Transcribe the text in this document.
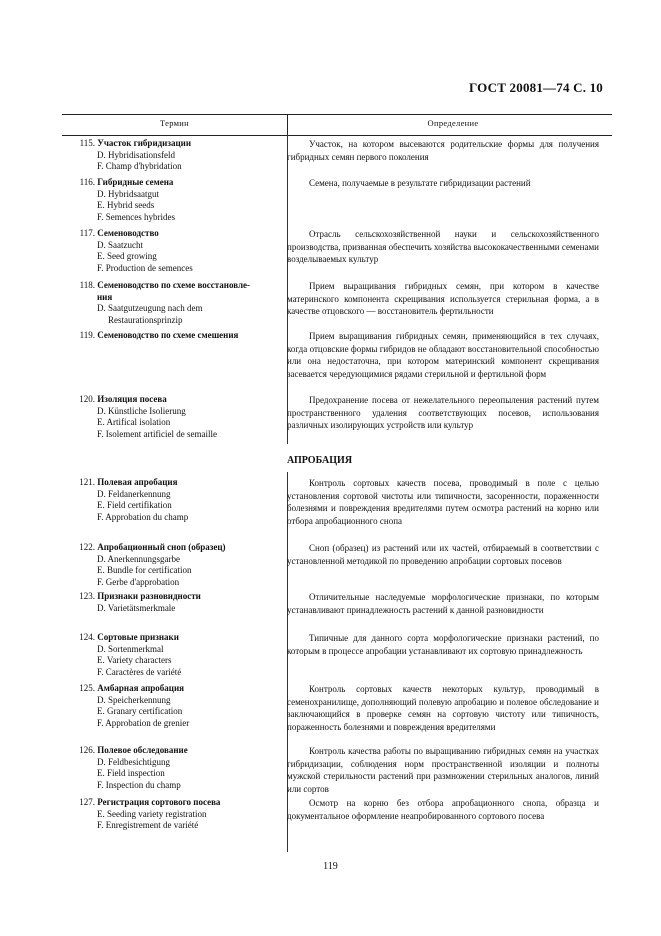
ГОСТ 20081—74 С. 10
Термин	Определение
115. Участок гибридизации
D. Hybridisationsfeld
F. Champ d'hybridation
Участок, на котором высеваются родительские формы для получения гибридных семян первого поколения
116. Гибридные семена
D. Hybridsaatgut
E. Hybrid seeds
F. Semences hybrides
Семена, получаемые в результате гибридизации растений
117. Семеноводство
D. Saatzucht
E. Seed growing
F. Production de semences
Отрасль сельскохозяйственной науки и сельскохозяйственного производства, призванная обеспечить хозяйства высококачественными семенами возделываемых культур
118. Семеноводство по схеме восстановле-
ния
D. Saatgutzeugung nach dem
Restaurationsprinzip
Прием выращивания гибридных семян, при котором в качестве материнского компонента скрещивания используется стерильная форма, а в качестве отцовского — восстановитель фертильности
119. Семеноводство по схеме смешения	Прием выращивания гибридных семян, применяющийся в тех случаях, когда отцовские формы гибридов не обладают восстановительной способностью или она недостаточна, при котором материнский компонент скрещивания засевается чередующимися рядами стерильной и фертильной форм
120. Изоляция посева
D. Künstliche Isolierung
E. Artifical isolation
F. Isolement artificiel de semaille
Предохранение посева от нежелательного переопыления растений путем пространственного удаления соответствующих посевов, использования различных изолирующих устройств или культур
АПРОБАЦИЯ
121. Полевая апробация
D. Feldanerkennung
E. Field certifikation
F. Approbation du champ
Контроль сортовых качеств посева, проводимый в поле с целью установления сортовой чистоты или типичности, засоренности, пораженности болезнями и повреждения вредителями путем осмотра растений на корню или отбора апробационного снопа
122. Апробационный сноп (образец)
D. Anerkennungsgarbe
E. Bundle for certification
F. Gerbe d'approbation
Сноп (образец) из растений или их частей, отбираемый в соответствии с установленной методикой по проведению апробации сортовых посевов
123. Признаки разновидности
D. Varietätsmerkmale
Отличительные наследуемые морфологические признаки, по которым устанавливают принадлежность растений к данной разновидности
124. Сортовые признаки
D. Sortenmerkmal
E. Variety characters
F. Caractères de variété
Типичные для данного сорта морфологические признаки растений, по которым в процессе апробации устанавливают их сортовую принадлежность
125. Амбарная апробация
D. Speicherkennung
E. Granary certification
F. Approbation de grenier
Контроль сортовых качеств некоторых культур, проводимый в семенохранилище, дополняющий полевую апробацию и полевое обследование и заключающийся в проверке семян на сортовую чистоту или типичность, пораженность болезнями и повреждения вредителями
126. Полевое обследование
D. Feldbesichtigung
E. Field inspection
F. Inspection du champ
Контроль качества работы по выращиванию гибридных семян на участках гибридизации, соблюдения норм пространственной изоляции и полноты мужской стерильности растений при размножении стерильных аналогов, линий или сортов
127. Регистрация сортового посева
E. Seeding variety registration
F. Enregistrement de variété
Осмотр на корню без отбора апробационного снопа, образца и документальное оформление неапробированного сортового посева
119
